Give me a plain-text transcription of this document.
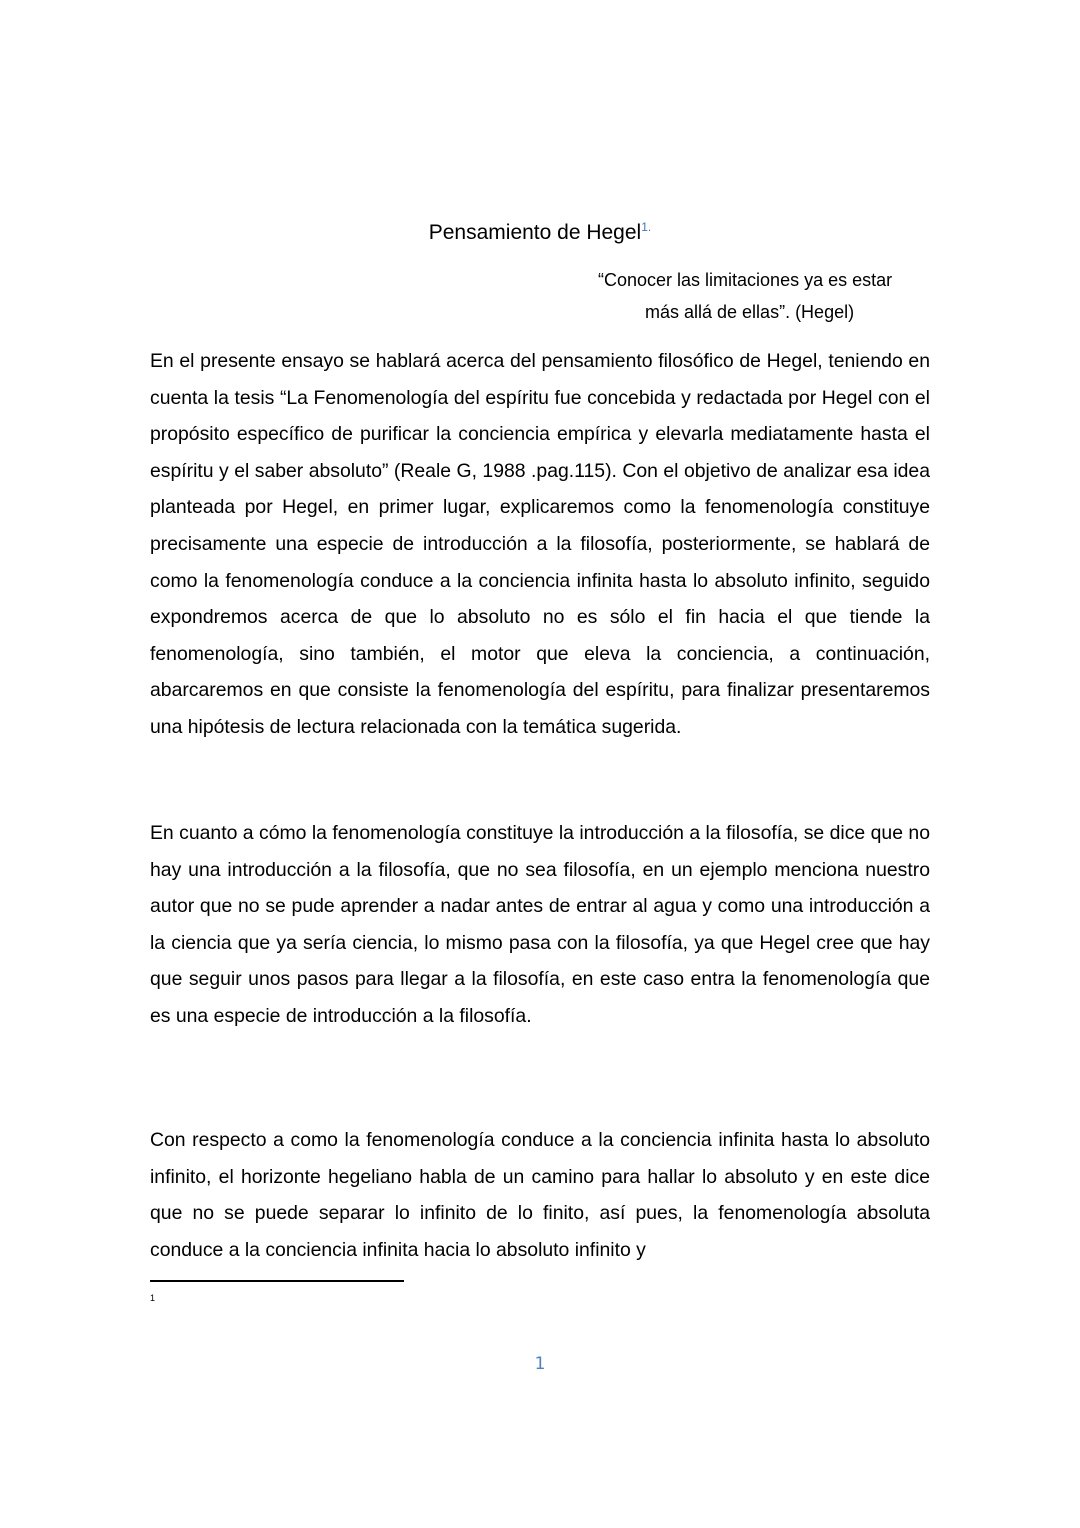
Pensamiento de Hegel$^{1.}$
“Conocer las limitaciones ya es estar
más allá de ellas”. (Hegel)

En el presente ensayo se hablará acerca del pensamiento filosófico de Hegel, teniendo en cuenta la tesis “La Fenomenología del espíritu fue concebida y redactada por Hegel con el propósito específico de purificar la conciencia empírica y elevarla mediatamente hasta el espíritu y el saber absoluto” (Reale G, 1988 .pag.115). Con el objetivo de analizar esa idea planteada por Hegel, en primer lugar, explicaremos como la fenomenología constituye precisamente una especie de introducción a la filosofía, posteriormente, se hablará de como la fenomenología conduce a la conciencia infinita hasta lo absoluto infinito, seguido expondremos acerca de que lo absoluto no es sólo el fin hacia el que tiende la fenomenología, sino también, el motor que eleva la conciencia, a continuación, abarcaremos en que consiste la fenomenología del espíritu, para finalizar presentaremos una hipótesis de lectura relacionada con la temática sugerida.

En cuanto a cómo la fenomenología constituye la introducción a la filosofía, se dice que no hay una introducción a la filosofía, que no sea filosofía, en un ejemplo menciona nuestro autor que no se pude aprender a nadar antes de entrar al agua y como una introducción a la ciencia que ya sería ciencia, lo mismo pasa con la filosofía, ya que Hegel cree que hay que seguir unos pasos para llegar a la filosofía, en este caso entra la fenomenología que es una especie de introducción a la filosofía.

Con respecto a como la fenomenología conduce a la conciencia infinita hasta lo absoluto infinito, el horizonte hegeliano habla de un camino para hallar lo absoluto y en este dice que no se puede separar lo infinito de lo finito, así pues, la fenomenología absoluta conduce a la conciencia infinita hacia lo absoluto infinito y

1
1
